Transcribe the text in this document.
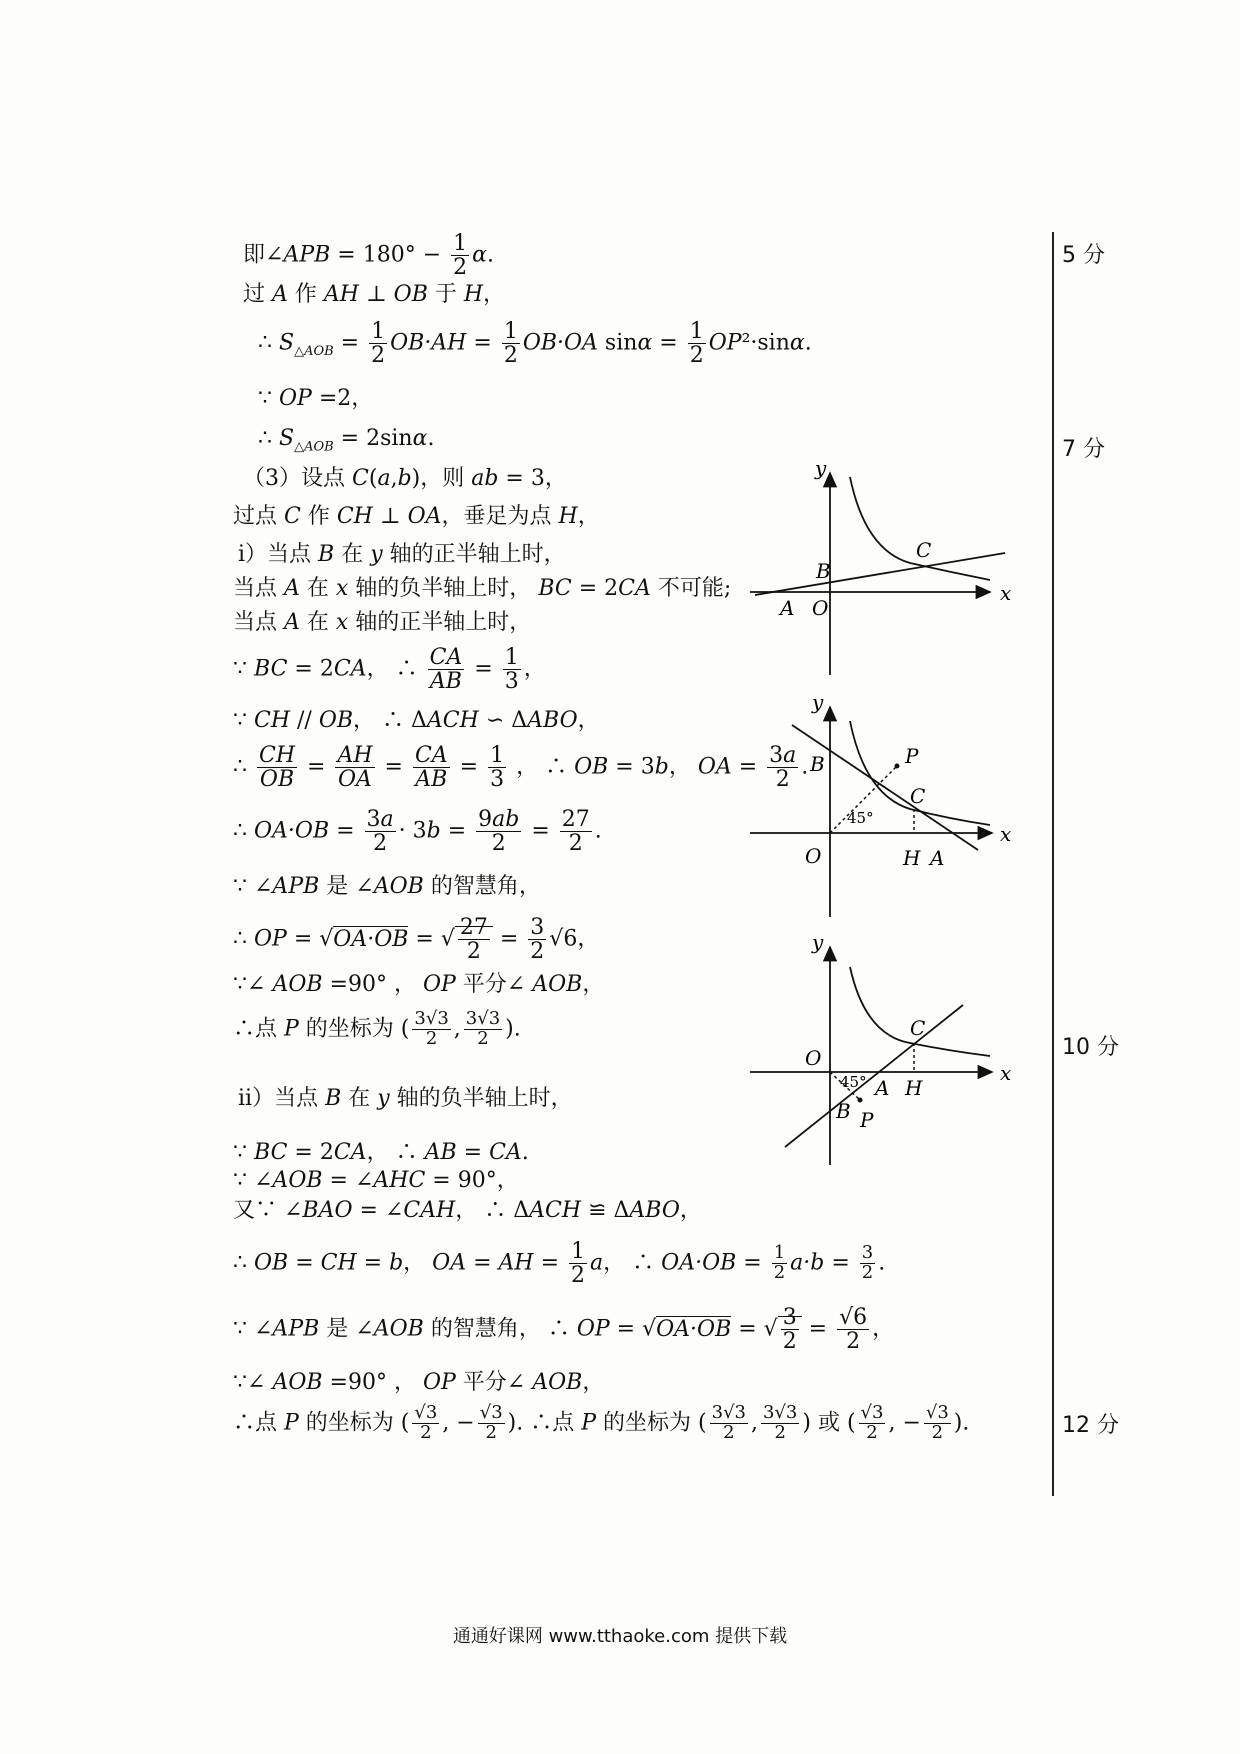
即∠APB = $180^\circ - \frac{1}{2} \alpha$.
过 A 作 AH ⊥ OB 于 H，
∴ $S_{\triangle AOB} = \frac{1}{2} OB\cdot AH = \frac{1}{2} OB\cdot OA$ $\sin\alpha = \frac{1}{2} OP^2\cdot\sin\alpha$.
∵ OP =2，
∴ $S_{\triangle AOB} = 2\sin\alpha$.
（3）设点 C(a,b)，则 ab = 3，
过点 C 作 CH ⊥ OA，垂足为点 H，
ⅰ）当点 B 在 y 轴的正半轴上时，
当点 A 在 x 轴的负半轴上时， BC = 2CA 不可能;
当点 A 在 x 轴的正半轴上时，
∵ BC = 2CA， ∴ $\frac{CA}{AB} = \frac{1}{3}$ ，
∵ CH // OB， ∴ ΔACH ∽ ΔABO，
∴ $\frac{CH}{OB} = \frac{AH}{OA} = \frac{CA}{AB} = \frac{1}{3}$ ， ∴ OB = 3b， OA = $\frac{3a}{2}$ .
∴ $OA\cdot OB = \frac{3a}{2} \cdot 3b = \frac{9ab}{2} = \frac{27}{2}$ .
∵ ∠APB 是 ∠AOB 的智慧角，
∴ OP = √OA·OB = √ $\frac{27}{2} = \frac{3}{2} √6$，
∵∠ AOB =90° ， OP 平分∠ AOB，
∴点 P 的坐标为 ( $\frac{3√3}{2}$ , $\frac{3√3}{2}$ ).
ⅱ）当点 B 在 y 轴的负半轴上时，
∵ BC = 2CA， ∴ AB = CA.
∵ ∠AOB = ∠AHC = 90°，
又∵ ∠BAO = ∠CAH， ∴ ΔACH ≌ ΔABO，
∴ OB = CH = b， OA = AH = $\frac{1}{2}$ a， ∴ $OA\cdot OB = \frac{1}{2} a\cdot b = \frac{3}{2}$ .
∵ ∠APB 是 ∠AOB 的智慧角， ∴ OP = √OA·OB = √ $\frac{3}{2} = \frac{√6}{2}$ ，
∵∠ AOB =90° ， OP 平分∠ AOB，
∴点 P 的坐标为 ( $\frac{√3}{2}$ , − $\frac{√3}{2}$ ). ∴点 P 的坐标为 ( $\frac{3√3}{2}$ , $\frac{3√3}{2}$ ) 或 ( $\frac{√3}{2}$ , − $\frac{√3}{2}$ ).
5 分
7 分
10 分
12 分
y
x
B
C
A O
y
x
B	P
C
45°
O	H A
y
x
C
O
45° A H
B P
通通好课网 www.tthaoke.com 提供下载
